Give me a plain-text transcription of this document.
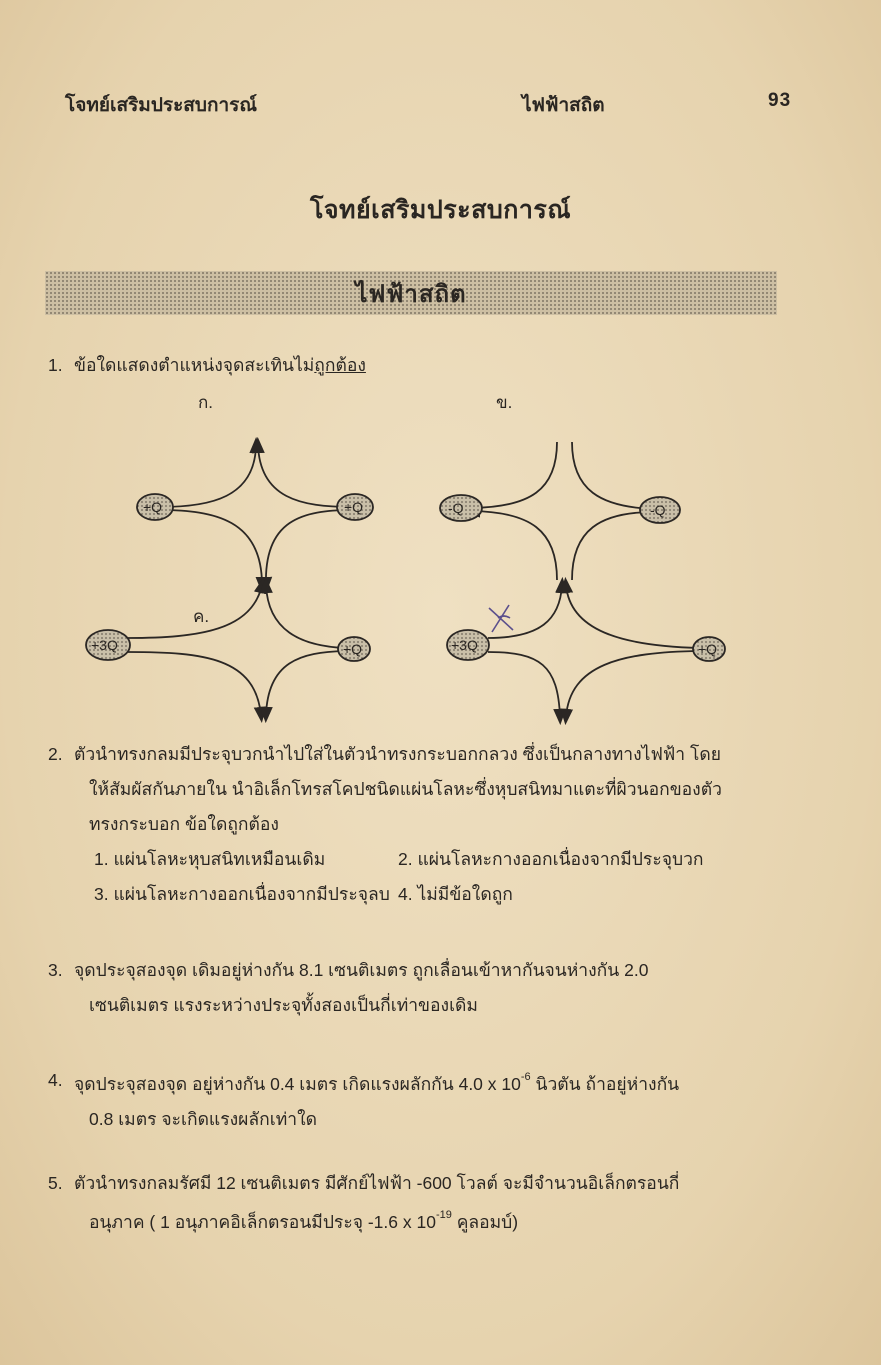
โจทย์เสริมประสบการณ์	ไฟฟ้าสถิต	93
โจทย์เสริมประสบการณ์
ไฟฟ้าสถิต
1. ข้อใดแสดงตำแหน่งจุดสะเทินไม่ถูกต้อง
ก.	ข.
ค.
+Q	+Q	-Q	-Q
+3Q	+Q	+3Q	+Q
2. ตัวนำทรงกลมมีประจุบวกนำไปใส่ในตัวนำทรงกระบอกกลวง ซึ่งเป็นกลางทางไฟฟ้า โดย
ให้สัมผัสกันภายใน นำอิเล็กโทรสโคปชนิดแผ่นโลหะซึ่งหุบสนิทมาแตะที่ผิวนอกของตัว
ทรงกระบอก ข้อใดถูกต้อง
1. แผ่นโลหะหุบสนิทเหมือนเดิม	2. แผ่นโลหะกางออกเนื่องจากมีประจุบวก
3. แผ่นโลหะกางออกเนื่องจากมีประจุลบ 4. ไม่มีข้อใดถูก
3. จุดประจุสองจุด เดิมอยู่ห่างกัน 8.1 เซนติเมตร ถูกเลื่อนเข้าหากันจนห่างกัน 2.0
เซนติเมตร แรงระหว่างประจุทั้งสองเป็นกี่เท่าของเดิม
4. จุดประจุสองจุด อยู่ห่างกัน 0.4 เมตร เกิดแรงผลักกัน 4.0 x $10^{-6}$ นิวตัน ถ้าอยู่ห่างกัน
0.8 เมตร จะเกิดแรงผลักเท่าใด
5. ตัวนำทรงกลมรัศมี 12 เซนติเมตร มีศักย์ไฟฟ้า -600 โวลต์ จะมีจำนวนอิเล็กตรอนกี่
อนุภาค ( 1 อนุภาคอิเล็กตรอนมีประจุ -1.6 x $10^{-19}$ คูลอมบ์)
